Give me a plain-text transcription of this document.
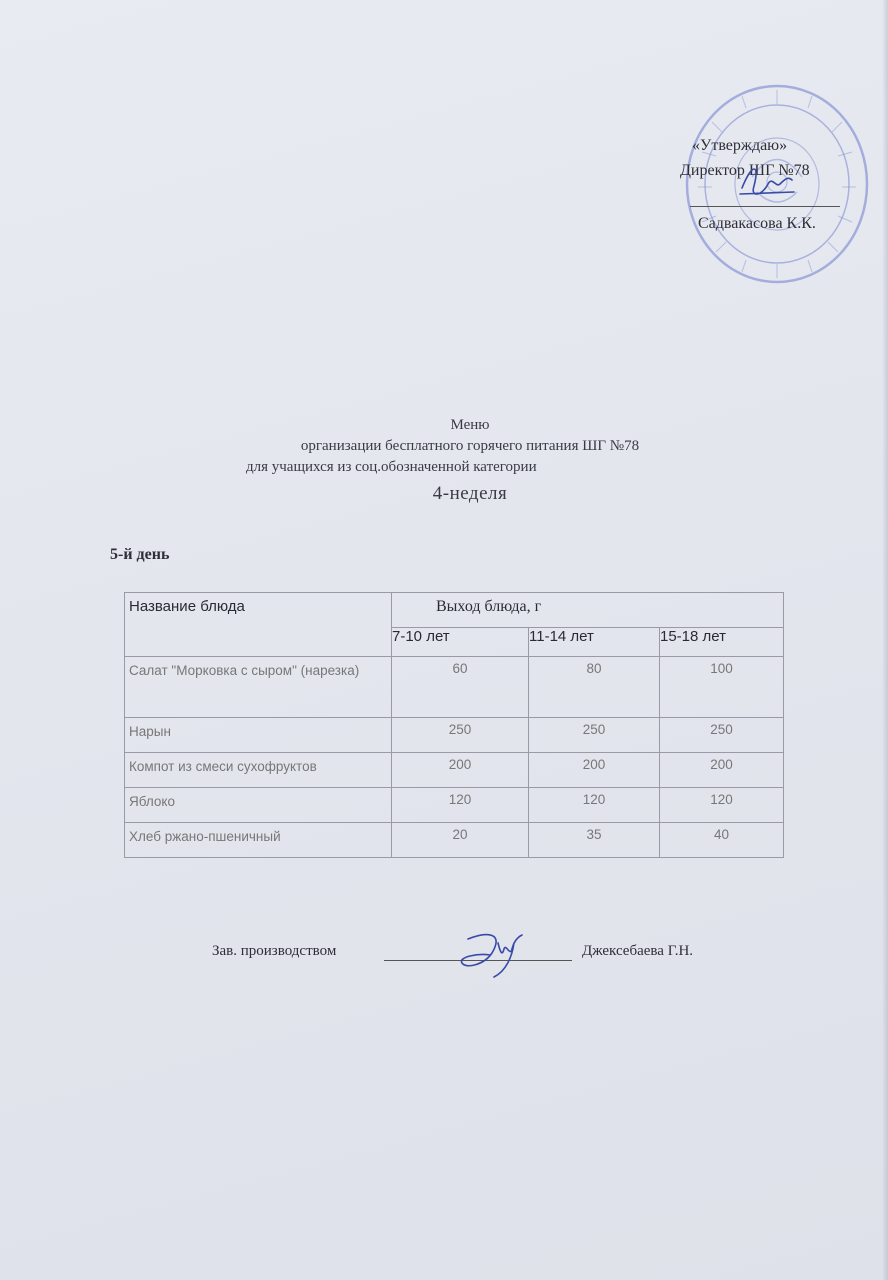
«Утверждаю»
Директор ШГ №78
Садвакасова К.К.
Меню
организации бесплатного горячего питания ШГ №78
для учащихся из соц.обозначенной категории
4-неделя
5-й день
Название блюда	Выход блюда, г		
	7-10 лет	11-14 лет	15-18 лет
Салат "Морковка с сыром" (нарезка)	60	80	100
Нарын	250	250	250
Компот из смеси сухофруктов	200	200	200
Яблоко	120	120	120
Хлеб ржано-пшеничный	20	35	40
Зав. производством	Джексебаева Г.Н.
